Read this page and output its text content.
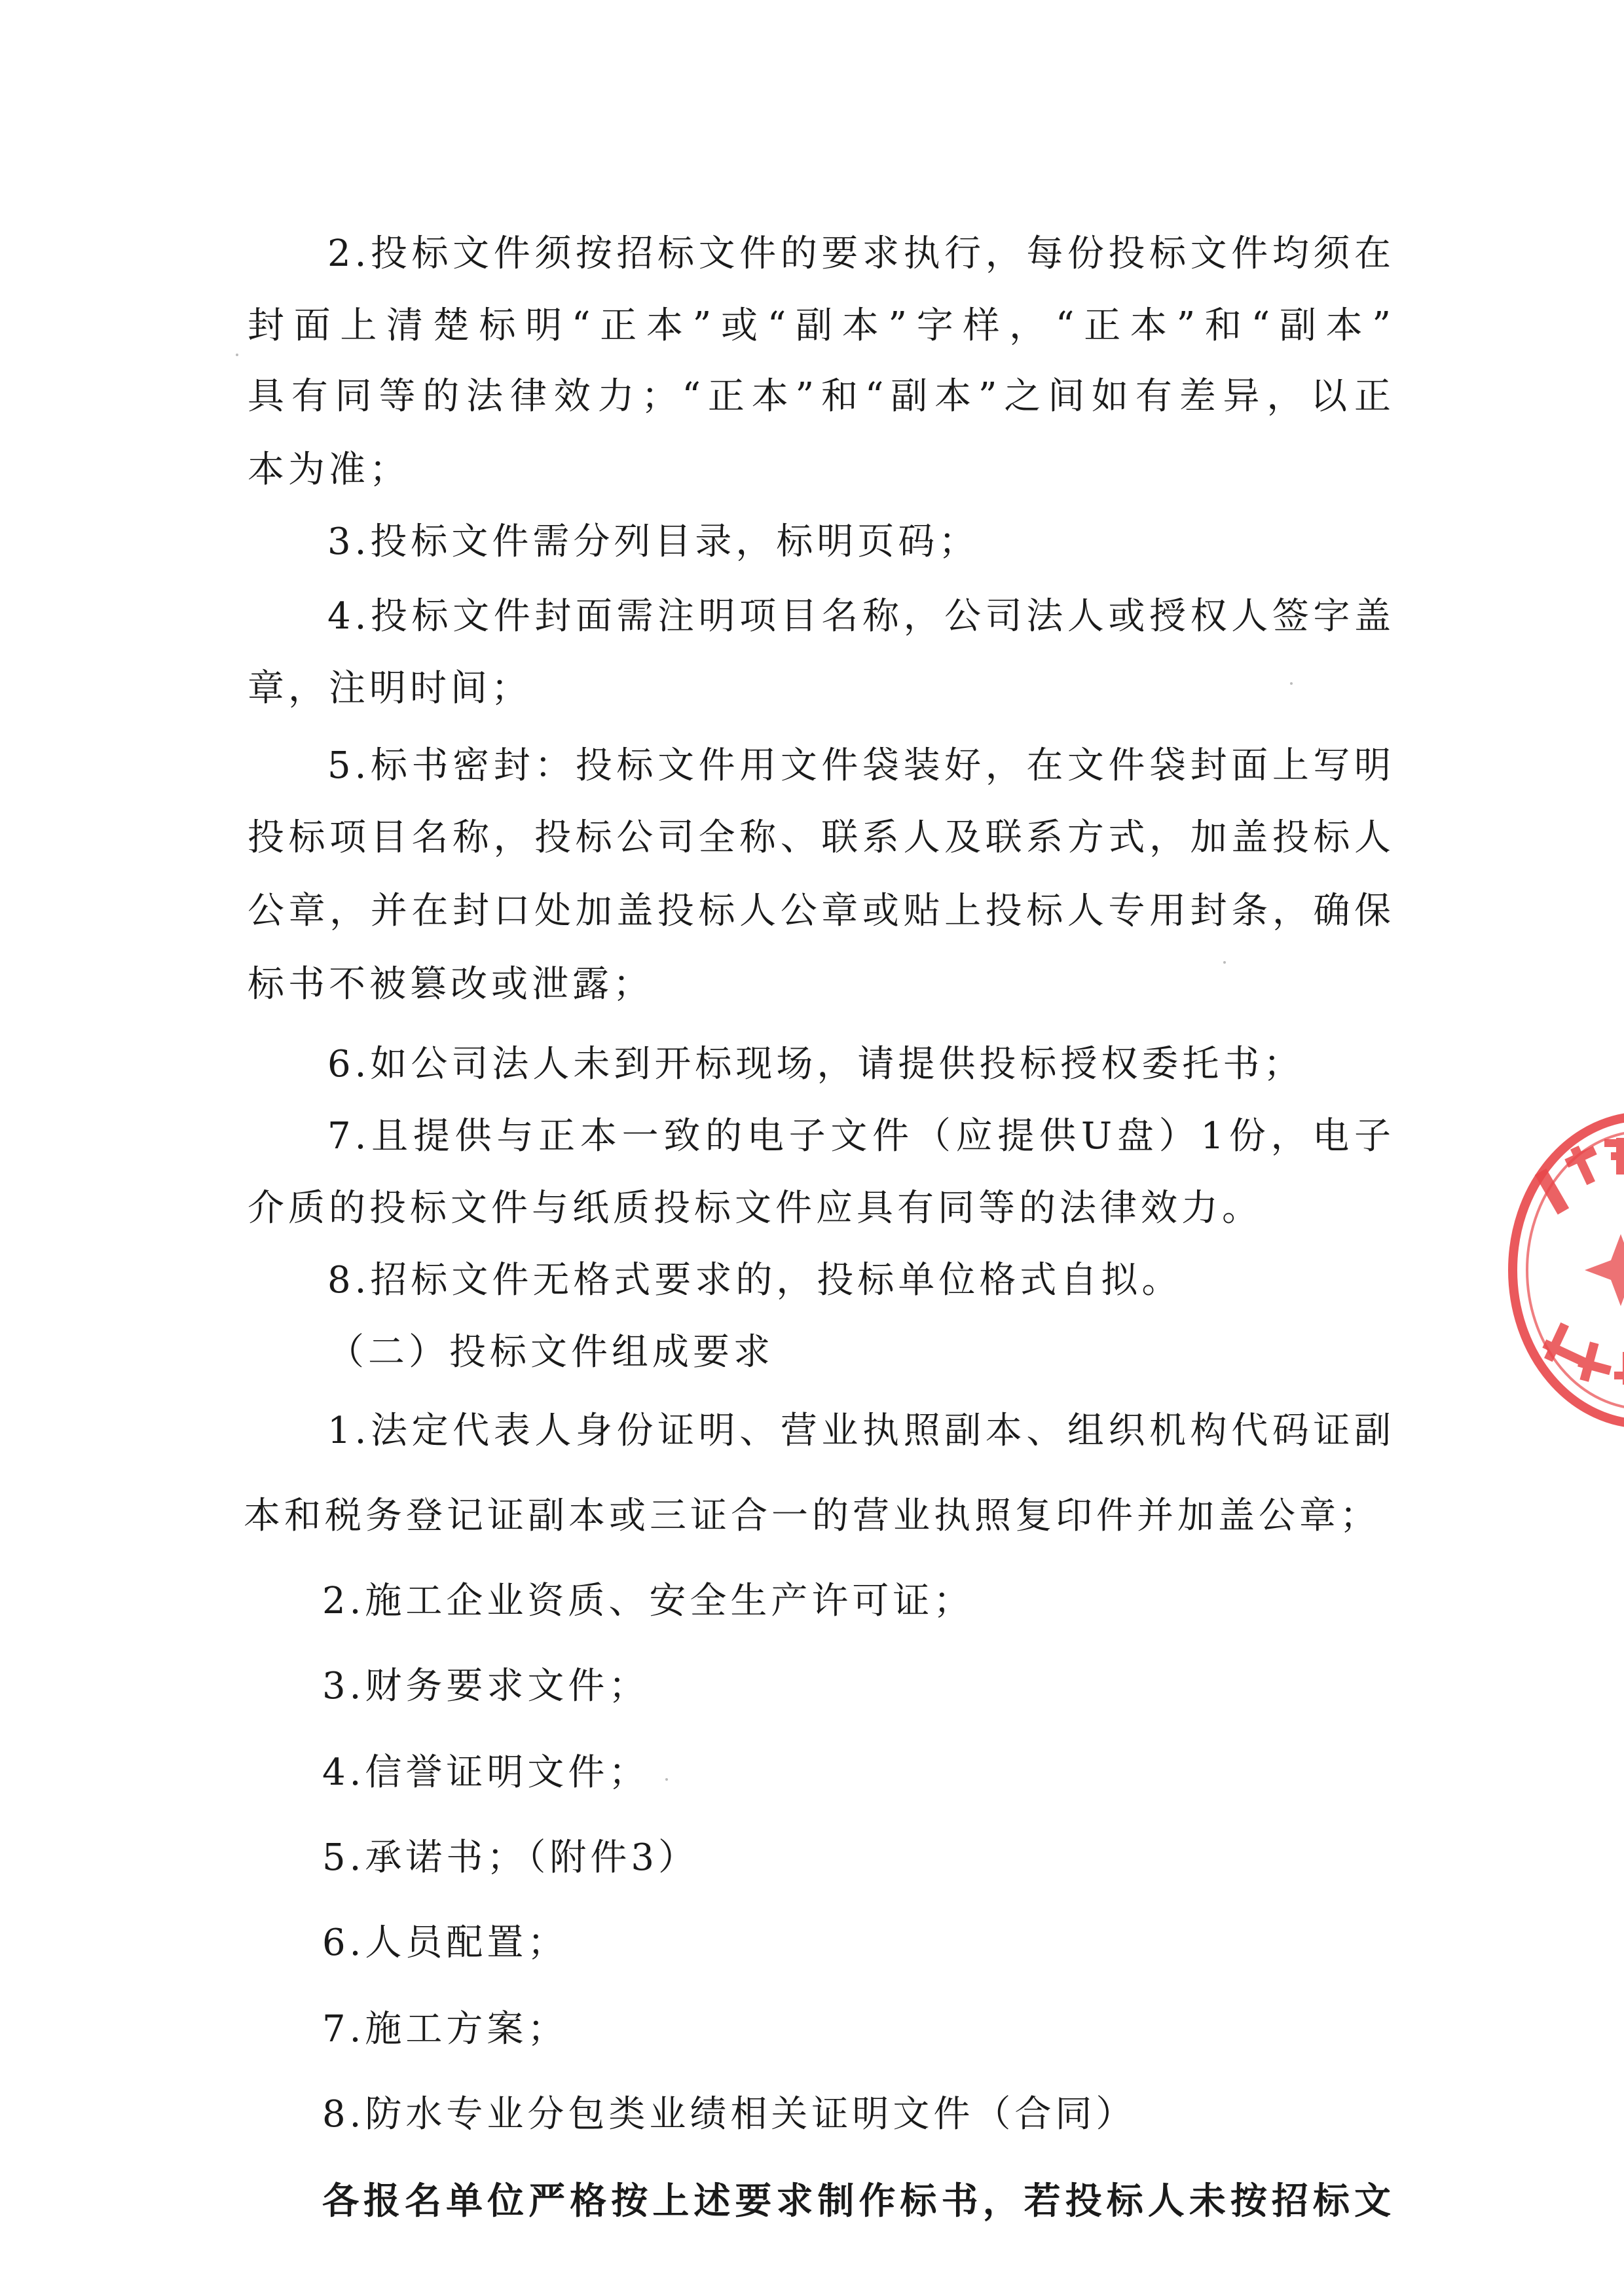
2.投标文件须按招标文件的要求执行，每份投标文件均须在
封面上清楚标明“正本”或“副本”字样，“正本”和“副本”
具有同等的法律效力；“正本”和“副本”之间如有差异，以正
本为准；
3.投标文件需分列目录，标明页码；
4.投标文件封面需注明项目名称，公司法人或授权人签字盖
章，注明时间；
5.标书密封：投标文件用文件袋装好，在文件袋封面上写明
投标项目名称，投标公司全称、联系人及联系方式，加盖投标人
公章，并在封口处加盖投标人公章或贴上投标人专用封条，确保
标书不被篡改或泄露；
6.如公司法人未到开标现场，请提供投标授权委托书；
7.且提供与正本一致的电子文件（应提供U盘）1份，电子
介质的投标文件与纸质投标文件应具有同等的法律效力。
8.招标文件无格式要求的，投标单位格式自拟。
（二）投标文件组成要求
1.法定代表人身份证明、营业执照副本、组织机构代码证副
本和税务登记证副本或三证合一的营业执照复印件并加盖公章；
2.施工企业资质、安全生产许可证；
3.财务要求文件；
4.信誉证明文件；
5.承诺书；（附件3）
6.人员配置；
7.施工方案；
8.防水专业分包类业绩相关证明文件（合同）
各报名单位严格按上述要求制作标书，若投标人未按招标文
